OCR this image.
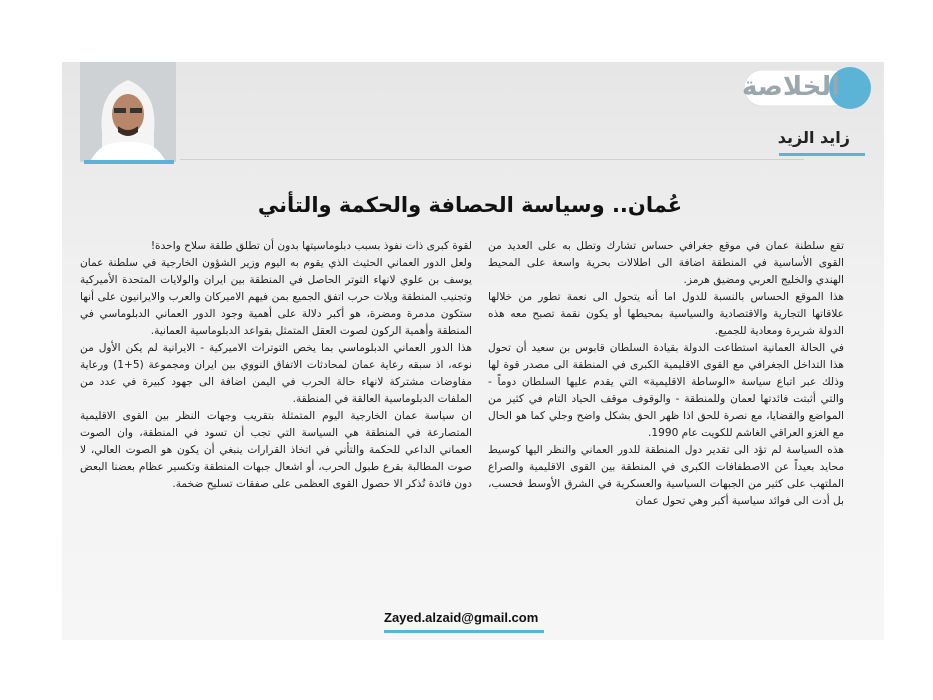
الخلاصة
زايد الزيد
عُمان.. وسياسة الحصافة والحكمة والتأني

تقع سلطنة عمان في موقع جغرافي حساس تشارك وتطل به على العديد من القوى الأساسية في المنطقة اضافة الى اطلالات بحرية واسعة على المحيط الهندي والخليج العربي ومضيق هرمز.
هذا الموقع الحساس بالنسبة للدول اما أنه يتحول الى نعمة تطور من خلالها علاقاتها التجارية والاقتصادية والسياسية بمحيطها أو يكون نقمة تصبح معه هذه الدولة شريرة ومعادية للجميع.
في الحالة العمانية استطاعت الدولة بقيادة السلطان قابوس بن سعيد أن تحول هذا التداخل الجغرافي مع القوى الاقليمية الكبرى في المنطقة الى مصدر قوة لها وذلك عبر اتباع سياسة «الوساطة الاقليمية» التي يقدم عليها السلطان دوماً - والتي أثبتت فائدتها لعمان وللمنطقة - والوقوف موقف الحياد التام في كثير من المواضع والقضايا، مع نصرة للحق اذا ظهر الحق بشكل واضح وجلي كما هو الحال مع الغزو العراقي الغاشم للكويت عام 1990.
هذه السياسة لم تؤد الى تقدير دول المنطقة للدور العماني والنظر اليها كوسيط محايد بعيداً عن الاصطفافات الكبرى في المنطقة بين القوى الاقليمية والصراع الملتهب على كثير من الجبهات السياسية والعسكرية في الشرق الأوسط فحسب، بل أدت الى فوائد سياسية أكبر وهي تحول عمان

لقوة كبرى ذات نفوذ بسبب دبلوماسيتها بدون أن تطلق طلقة سلاح واحدة!
ولعل الدور العماني الحثيث الذي يقوم به اليوم وزير الشؤون الخارجية في سلطنة عمان يوسف بن علوي لانهاء التوتر الحاصل في المنطقة بين ايران والولايات المتحدة الأميركية وتجنيب المنطقة ويلات حرب اتفق الجميع بمن فيهم الاميركان والعرب والايرانيون على أنها ستكون مدمرة ومضرة، هو أكبر دلالة على أهمية وجود الدور العماني الدبلوماسي في المنطقة وأهمية الركون لصوت العقل المتمثل بقواعد الدبلوماسية العمانية.
هذا الدور العماني الدبلوماسي بما يخص التوترات الاميركية - الايرانية لم يكن الأول من نوعه، اذ سبقه رعاية عمان لمحادثات الاتفاق النووي بين ايران ومجموعة (5+1) ورعاية مفاوضات مشتركة لانهاء حالة الحرب في اليمن اضافة الى جهود كبيرة في عدد من الملفات الدبلوماسية العالقة في المنطقة.
ان سياسة عمان الخارجية اليوم المتمثلة بتقريب وجهات النظر بين القوى الاقليمية المتصارعة في المنطقة هي السياسة التي تجب أن تسود في المنطقة، وان الصوت العماني الداعي للحكمة والتأني في اتخاذ القرارات ينبغي أن يكون هو الصوت العالي، لا صوت المطالبة بقرع طبول الحرب، أو اشعال جبهات المنطقة وتكسير عظام بعضنا البعض دون فائدة تُذكر الا حصول القوى العظمى على صفقات تسليح ضخمة.

Zayed.alzaid@gmail.com
